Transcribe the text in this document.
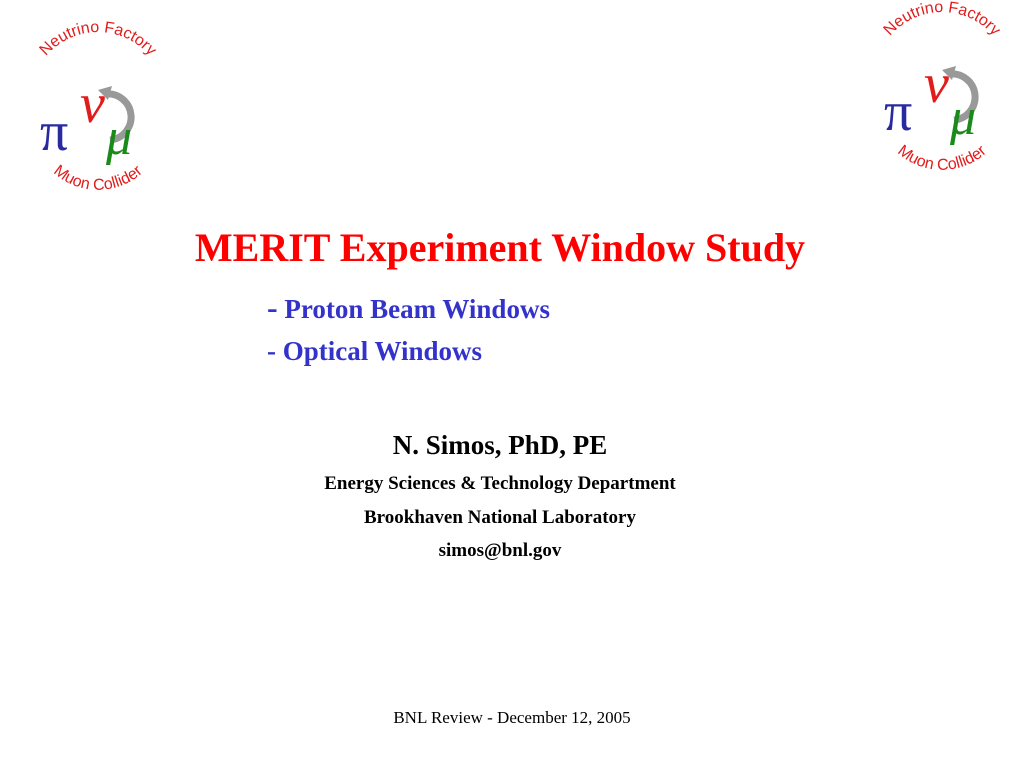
Neutrino Factory
Muon Collider
π ν
μ
Neutrino Factory
Muon Collider
π ν
μ
MERIT Experiment Window Study
- Proton Beam Windows
- Optical Windows
N. Simos, PhD, PE
Energy Sciences & Technology Department
Brookhaven National Laboratory
simos@bnl.gov
BNL Review - December 12, 2005
